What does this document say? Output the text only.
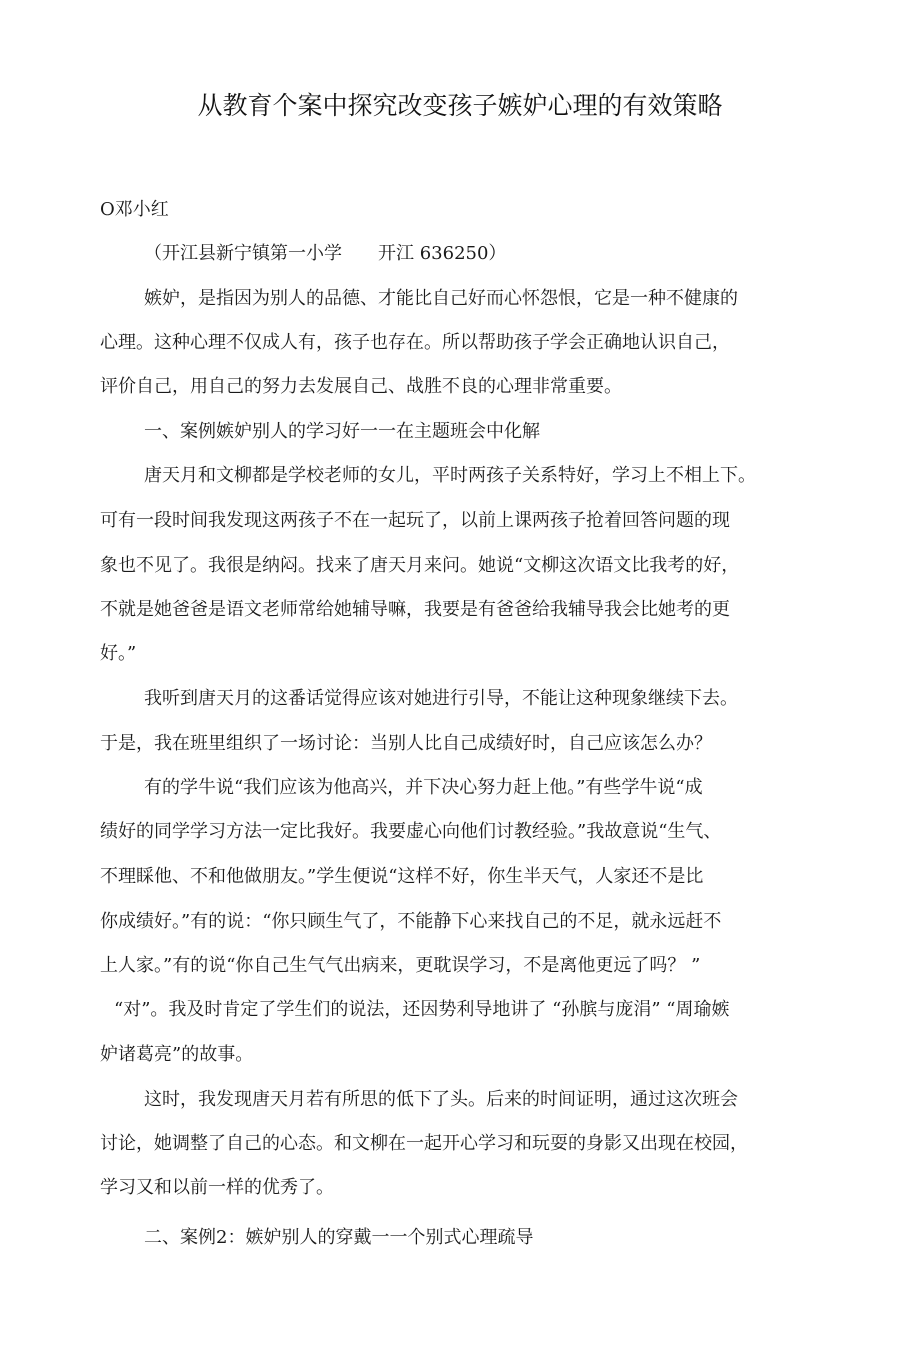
从教育个案中探究改变孩子嫉妒心理的有效策略
O邓小红
（开江县新宁镇第一小学 开江 636250）
嫉妒，是指因为别人的品德、才能比自己好而心怀怨恨，它是一种不健康的
心理。这种心理不仅成人有，孩子也存在。所以帮助孩子学会正确地认识自己，
评价自己，用自己的努力去发展自己、战胜不良的心理非常重要。
一、案例嫉妒别人的学习好一一在主题班会中化解
唐天月和文柳都是学校老师的女儿，平时两孩子关系特好，学习上不相上下。
可有一段时间我发现这两孩子不在一起玩了，以前上课两孩子抢着回答问题的现
象也不见了。我很是纳闷。找来了唐天月来问。她说“文柳这次语文比我考的好，
不就是她爸爸是语文老师常给她辅导嘛，我要是有爸爸给我辅导我会比她考的更
好。”
我听到唐天月的这番话觉得应该对她进行引导，不能让这种现象继续下去。
于是，我在班里组织了一场讨论：当别人比自己成绩好时，自己应该怎么办？
有的学牛说“我们应该为他高兴，并下决心努力赶上他。”有些学牛说“成
绩好的同学学习方法一定比我好。我要虚心向他们讨教经验。”我故意说“生气、
不理睬他、不和他做朋友。”学生便说“这样不好，你生半天气，人家还不是比
你成绩好。”有的说：“你只顾生气了，不能静下心来找自己的不足，就永远赶不
上人家。”有的说“你自己生气气出病来，更耽误学习，不是离他更远了吗？ ”
“对”。我及时肯定了学生们的说法，还因势利导地讲了 “孙膑与庞涓” “周瑜嫉
妒诸葛亮”的故事。
这时，我发现唐天月若有所思的低下了头。后来的时间证明，通过这次班会
讨论，她调整了自己的心态。和文柳在一起开心学习和玩耍的身影又出现在校园，
学习又和以前一样的优秀了。
二、案例2：嫉妒别人的穿戴一一个别式心理疏导
